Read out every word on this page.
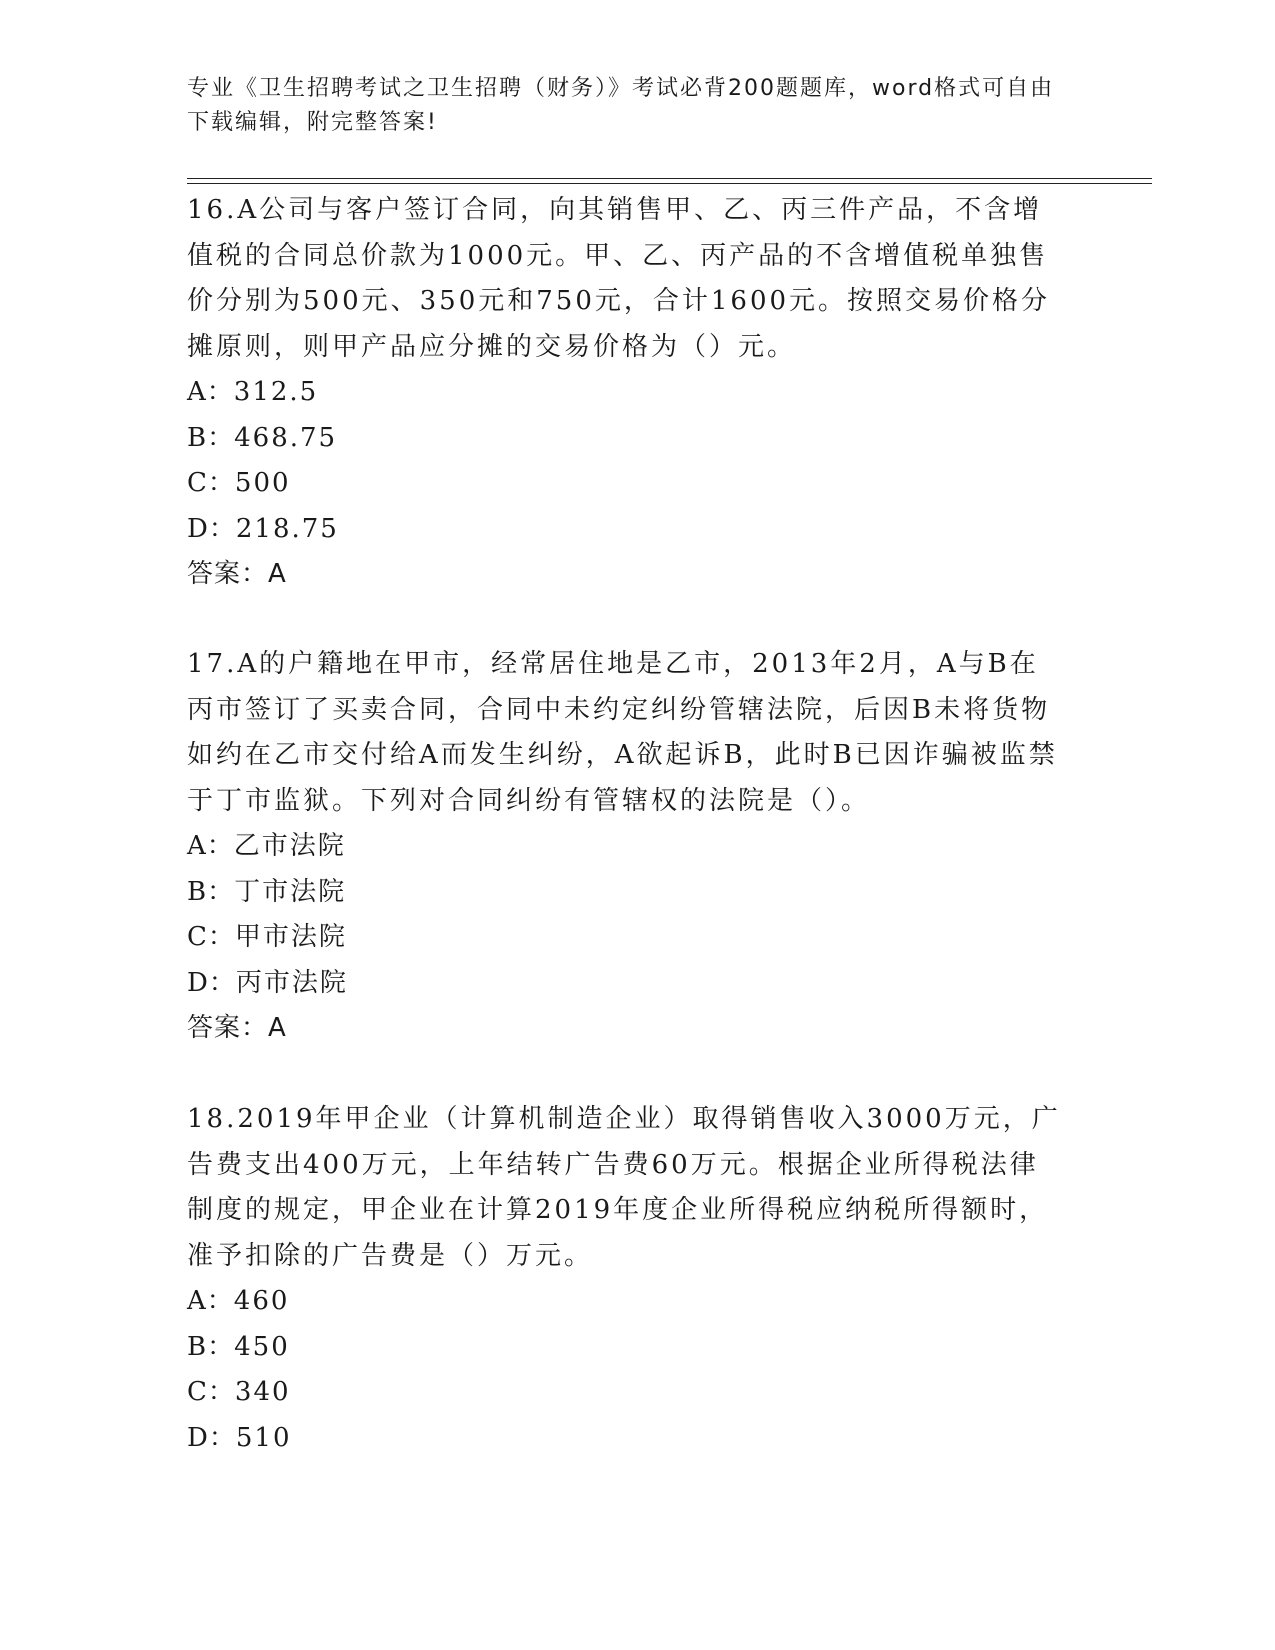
专业《卫生招聘考试之卫生招聘（财务）》考试必背200题题库，word格式可自由下载编辑，附完整答案!

16.A公司与客户签订合同，向其销售甲、乙、丙三件产品，不含增值税的合同总价款为1000元。甲、乙、丙产品的不含增值税单独售价分别为500元、350元和750元，合计1600元。按照交易价格分摊原则，则甲产品应分摊的交易价格为（）元。

A：312.5

B：468.75

C：500

D：218.75

答案：A

17.A的户籍地在甲市，经常居住地是乙市，2013年2月，A与B在丙市签订了买卖合同，合同中未约定纠纷管辖法院，后因B未将货物如约在乙市交付给A而发生纠纷，A欲起诉B，此时B已因诈骗被监禁于丁市监狱。下列对合同纠纷有管辖权的法院是（）。

A：乙市法院

B：丁市法院

C：甲市法院

D：丙市法院

答案：A

18.2019年甲企业（计算机制造企业）取得销售收入3000万元，广告费支出400万元，上年结转广告费60万元。根据企业所得税法律制度的规定，甲企业在计算2019年度企业所得税应纳税所得额时，准予扣除的广告费是（）万元。

A：460

B：450

C：340

D：510
